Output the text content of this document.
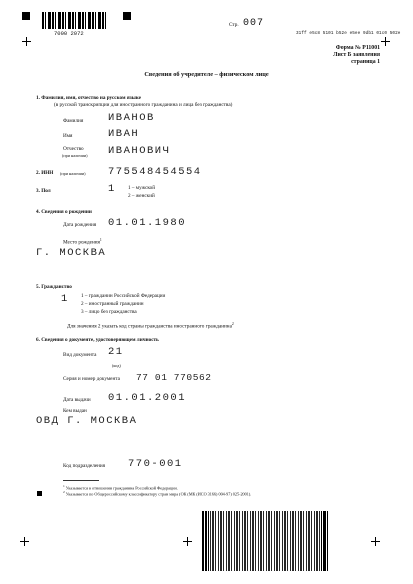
7000 2072
Стр. 007
31ff e5c8 5101 b52e e5ee 9db1 01c0 502e
Форма № Р11001
Лист Б заявления
страница 1
Сведения об учредителе – физическом лице
1. Фамилия, имя, отчество на русском языке
(в русской транскрипции для иностранного гражданина и лица без гражданства)
Фамилия ИВАНОВ
Имя	ИВАН
Отчество
(при наличии) ИВАНОВИЧ
2. ИНН (при наличии) 775548454554
3. Пол	1 1 – мужской
2 – женский
4. Сведения о рождении
Дата рождения 01.01.1980
Место рождения$^1$
Г. МОСКВА
5. Гражданство
1 1 – гражданин Российской Федерации
2 – иностранный гражданин
3 – лицо без гражданства
Для значения 2 указать код страны гражданства иностранного гражданина$^2$
6. Сведения о документе, удостоверяющем личность
Вид документа 21
(код)
Серия и номер документа 77 01 770562
Дата выдачи 01.01.2001
Кем выдан
ОВД Г. МОСКВА
Код подразделения 770-001
$^1$ Указывается в отношении гражданина Российской Федерации.
$^2$ Указывается по Общероссийскому классификатору стран мира (ОК (МК (ИСО 3166) 004-97) 025-2001).
